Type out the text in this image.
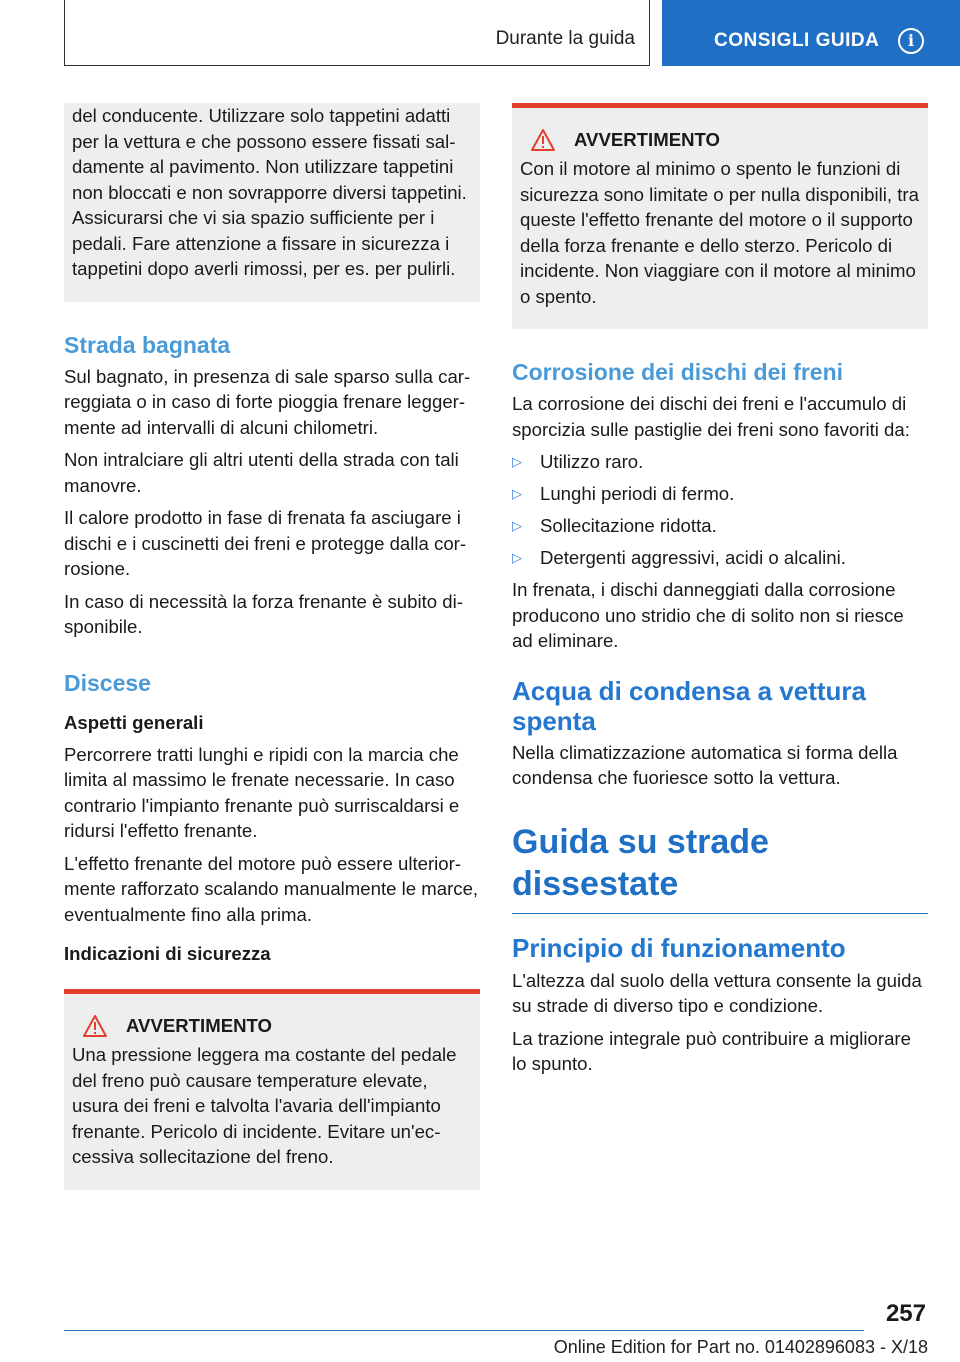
Durante la guida	CONSIGLI GUIDA	i

del conducente. Utilizzare solo tappetini adatti per la vettura e che possono essere fissati saldamente al pavimento. Non utilizzare tappetini non bloccati e non sovrapporre diversi tappetini. Assicurarsi che vi sia spazio sufficiente per i pedali. Fare attenzione a fissare in sicurezza i tappetini dopo averli rimossi, per es. per pulirli.

Strada bagnata

Sul bagnato, in presenza di sale sparso sulla carreggiata o in caso di forte pioggia frenare leggermente ad intervalli di alcuni chilometri.

Non intralciare gli altri utenti della strada con tali manovre.

Il calore prodotto in fase di frenata fa asciugare i dischi e i cuscinetti dei freni e protegge dalla corrosione.

In caso di necessità la forza frenante è subito disponibile.

Discese
Aspetti generali

Percorrere tratti lunghi e ripidi con la marcia che limita al massimo le frenate necessarie. In caso contrario l'impianto frenante può surriscaldarsi e ridursi l'effetto frenante.

L'effetto frenante del motore può essere ulteriormente rafforzato scalando manualmente le marce, eventualmente fino alla prima.

Indicazioni di sicurezza
AVVERTIMENTO

Una pressione leggera ma costante del pedale del freno può causare temperature elevate, usura dei freni e talvolta l'avaria dell'impianto frenante. Pericolo di incidente. Evitare un'eccessiva sollecitazione del freno.

AVVERTIMENTO

Con il motore al minimo o spento le funzioni di sicurezza sono limitate o per nulla disponibili, tra queste l'effetto frenante del motore o il supporto della forza frenante e dello sterzo. Pericolo di incidente. Non viaggiare con il motore al minimo o spento.

Corrosione dei dischi dei freni

La corrosione dei dischi dei freni e l'accumulo di sporcizia sulle pastiglie dei freni sono favoriti da:

▷ Utilizzo raro.
▷ Lunghi periodi di fermo.
▷ Sollecitazione ridotta.
▷ Detergenti aggressivi, acidi o alcalini.

In frenata, i dischi danneggiati dalla corrosione producono uno stridio che di solito non si riesce ad eliminare.

Acqua di condensa a vettura spenta

Nella climatizzazione automatica si forma della condensa che fuoriesce sotto la vettura.

Guida su strade dissestate
Principio di funzionamento

L'altezza dal suolo della vettura consente la guida su strade di diverso tipo e condizione.

La trazione integrale può contribuire a migliorare lo spunto.

257
Online Edition for Part no. 01402896083 - X/18
